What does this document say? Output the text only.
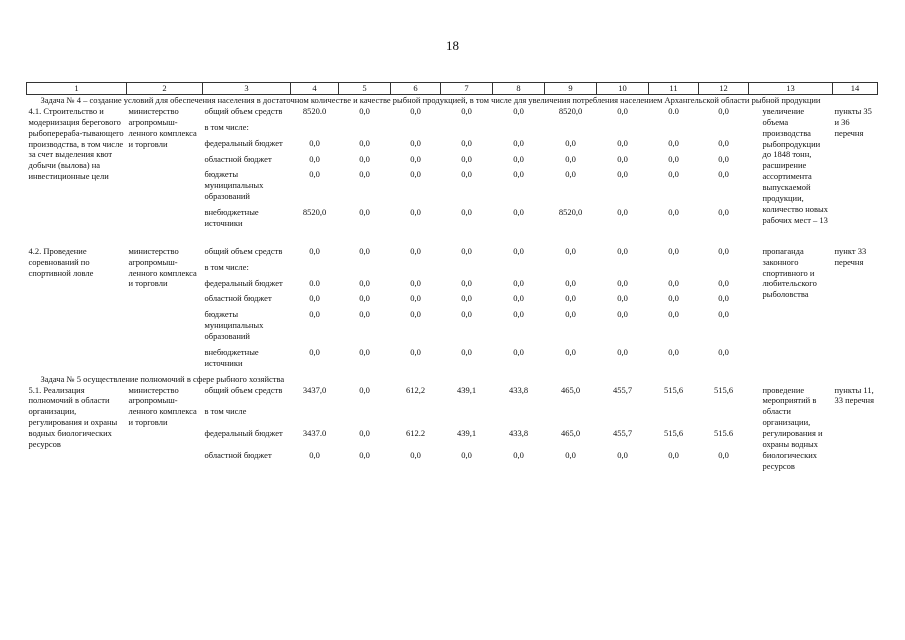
18
1	2	3	4	5	6	7	8	9	10	11	12	13	14
Задача № 4 – создание условий для обеспечения населения в достаточном количестве и качестве рыбной продукцией, в том числе для увеличения потребления населением Архангельской области рыбной продукции													
4.1. Строительство и модернизация берегового рыбоперераба-тывающего производства, в том числе за счет выделения квот добычи (вылова) на инвестиционные цели	министерство агропромыш-ленного комплекса и торговли	общий объем средств	8520.0	0,0	0,0	0,0	0,0	8520,0	0,0	0.0	0,0	увеличение объема производства рыбопродукции до 1848 тонн, расширение ассортимента выпускаемой продукции, количество новых рабочих мест – 13	пункты 35 и 36 перечня
		в том числе:											
		федеральный бюджет	0,0	0,0	0,0	0,0	0,0	0,0	0,0	0,0	0,0		
		областной бюджет	0,0	0,0	0,0	0,0	0,0	0,0	0,0	0,0	0,0		
		бюджеты муниципальных образований	0,0	0,0	0,0	0,0	0,0	0,0	0,0	0,0	0,0		
		внебюджетные источники	8520,0	0,0	0,0	0,0	0,0	8520,0	0,0	0,0	0,0		

4.2. Проведение соревнований по спортивной ловле	министерство агропромыш-ленного комплекса и торговли	общий объем средств	0,0	0,0	0,0	0,0	0,0	0,0	0,0	0,0	0,0	пропаганда законного спортивного и любительского рыболовства	пункт 33 перечня
		в том числе:											
		федеральный бюджет	0.0	0,0	0,0	0,0	0,0	0,0	0,0	0,0	0,0		
		областной бюджет	0,0	0,0	0,0	0,0	0,0	0,0	0,0	0,0	0,0		
		бюджеты муниципальных образований	0,0	0,0	0,0	0,0	0,0	0,0	0,0	0,0	0,0		
		внебюджетные источники	0,0	0,0	0,0	0,0	0,0	0,0	0,0	0,0	0,0		
Задача № 5 осуществление полномочий в сфере рыбного хозяйства													
5.1. Реализация полномочий в области организации, регулирования и охраны водных биологических ресурсов	министерство агропромыш-ленного комплекса и торговли	общий объем средств	3437,0	0,0	612,2	439,1	433,8	465,0	455,7	515,6	515,6	проведение мероприятий в области организации, регулирования и охраны водных биологических ресурсов	пункты 11, 33 перечня
		в том числе											
		федеральный бюджет	3437.0	0,0	612.2	439,1	433,8	465,0	455,7	515,6	515.6		
		областной бюджет	0,0	0,0	0,0	0,0	0,0	0,0	0,0	0,0	0,0		
